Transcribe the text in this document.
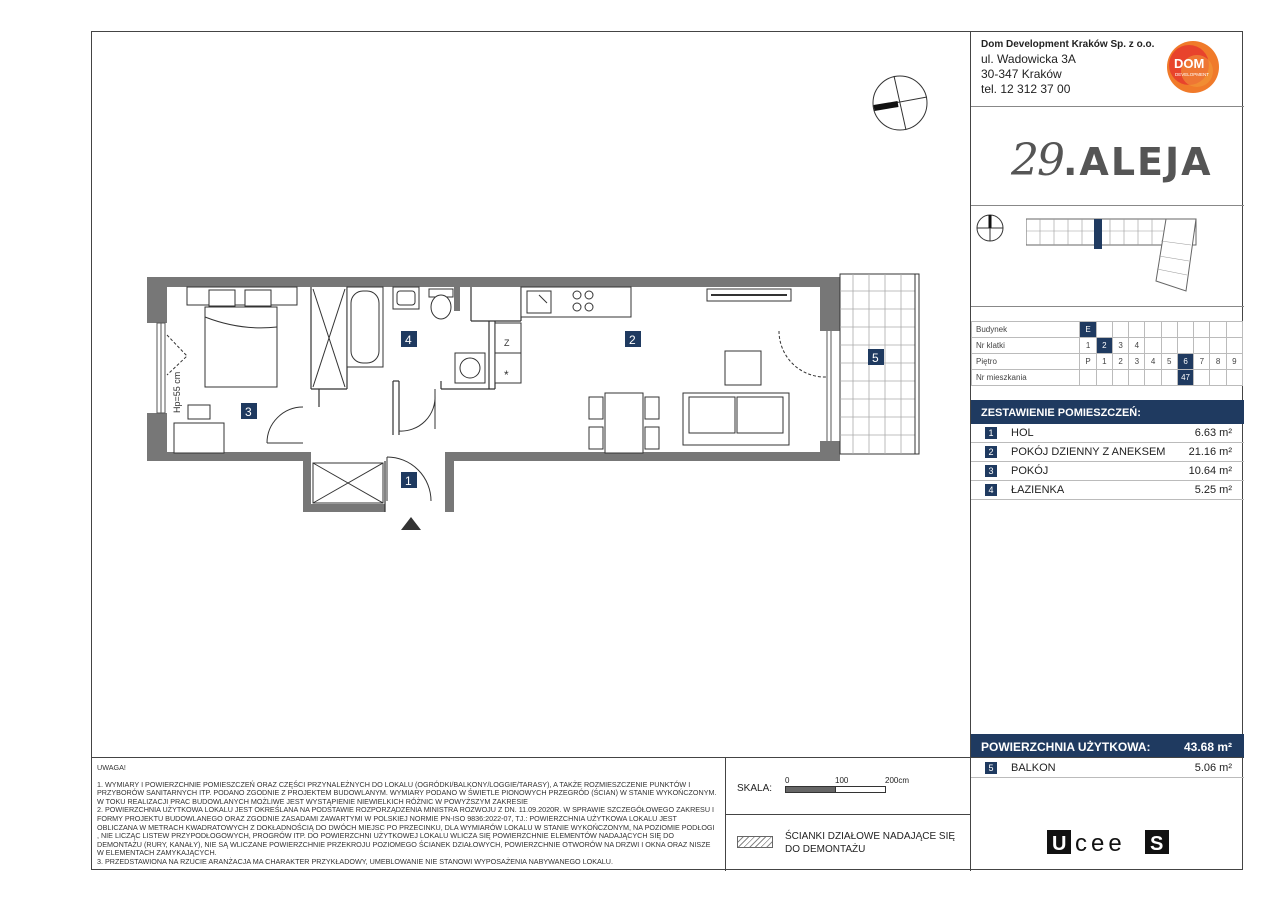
Z
*
4	2
3
1
5
Hp=55 cm
Dom Development Kraków Sp. z o.o.
ul. Wadowicka 3A
30-347 Kraków
tel. 12 312 37 00
DOM
DEVELOPMENT
29.ALEJA
Budynek	E									
Nr klatki	1	2	3	4						
Piętro	P	1	2	3	4	5	6	7	8	9
Nr mieszkania							47			
ZESTAWIENIE POMIESZCZEŃ:
1	HOL	6.63 m²
2	POKÓJ DZIENNY Z ANEKSEM 21.16 m²
3	POKÓJ	10.64 m²
4	ŁAZIENKA	5.25 m²
POWIERZCHNIA UŻYTKOWA:	43.68 m²
5	BALKON	5.06 m²

UWAGA!

1. WYMIARY I POWIERZCHNIE POMIESZCZEŃ ORAZ CZĘŚCI PRZYNALEŻNYCH DO LOKALU (OGRÓDKI/BALKONY/LOGGIE/TARASY), A TAKŻE ROZMIESZCZENIE PUNKTÓW I PRZYBORÓW SANITARNYCH ITP. PODANO ZGODNIE Z PROJEKTEM BUDOWLANYM. WYMIARY PODANO W ŚWIETLE PIONOWYCH PRZEGRÓD (ŚCIAN) W STANIE WYKOŃCZONYM. W TOKU REALIZACJI PRAC BUDOWLANYCH MOŻLIWE JEST WYSTĄPIENIE NIEWIELKICH RÓŻNIC W POWYŻSZYM ZAKRESIE

2. POWIERZCHNIA UŻYTKOWA LOKALU JEST OKREŚLANA NA PODSTAWIE ROZPORZĄDZENIA MINISTRA ROZWOJU Z DN. 11.09.2020R. W SPRAWIE SZCZEGÓŁOWEGO ZAKRESU I FORMY PROJEKTU BUDOWLANEGO ORAZ ZGODNIE ZASADAMI ZAWARTYMI W POLSKIEJ NORMIE PN-ISO 9836:2022-07, TJ.: POWIERZCHNIA UŻYTKOWA LOKALU JEST OBLICZANA W METRACH KWADRATOWYCH Z DOKŁADNOŚCIĄ DO DWÓCH MIEJSC PO PRZECINKU, DLA WYMIARÓW LOKALU W STANIE WYKOŃCZONYM, NA POZIOMIE PODŁOGI , NIE LICZĄC LISTEW PRZYPODŁOGOWYCH, PROGRÓW ITP. DO POWIERZCHNI UŻYTKOWEJ LOKALU WLICZA SIĘ POWIERZCHNIE ELEMENTÓW NADAJĄCYCH SIĘ DO DEMONTAŻU (RURY, KANAŁY), NIE SĄ WLICZANE POWIERZCHNIE PRZEKROJU POZIOMEGO ŚCIANEK DZIAŁOWYCH, POWIERZCHNIE OTWORÓW NA DRZWI I OKNA ORAZ NISZE W ELEMENTACH ZAMYKAJĄCYCH.

3. PRZEDSTAWIONA NA RZUCIE ARANŻACJA MA CHARAKTER PRZYKŁADOWY, UMEBLOWANIE NIE STANOWI WYPOSAŻENIA NABYWANEGO LOKALU.

SKALA:
0	100	200cm
ŚCIANKI DZIAŁOWE NADAJĄCE SIĘ
DO DEMONTAŻU	U cee S
